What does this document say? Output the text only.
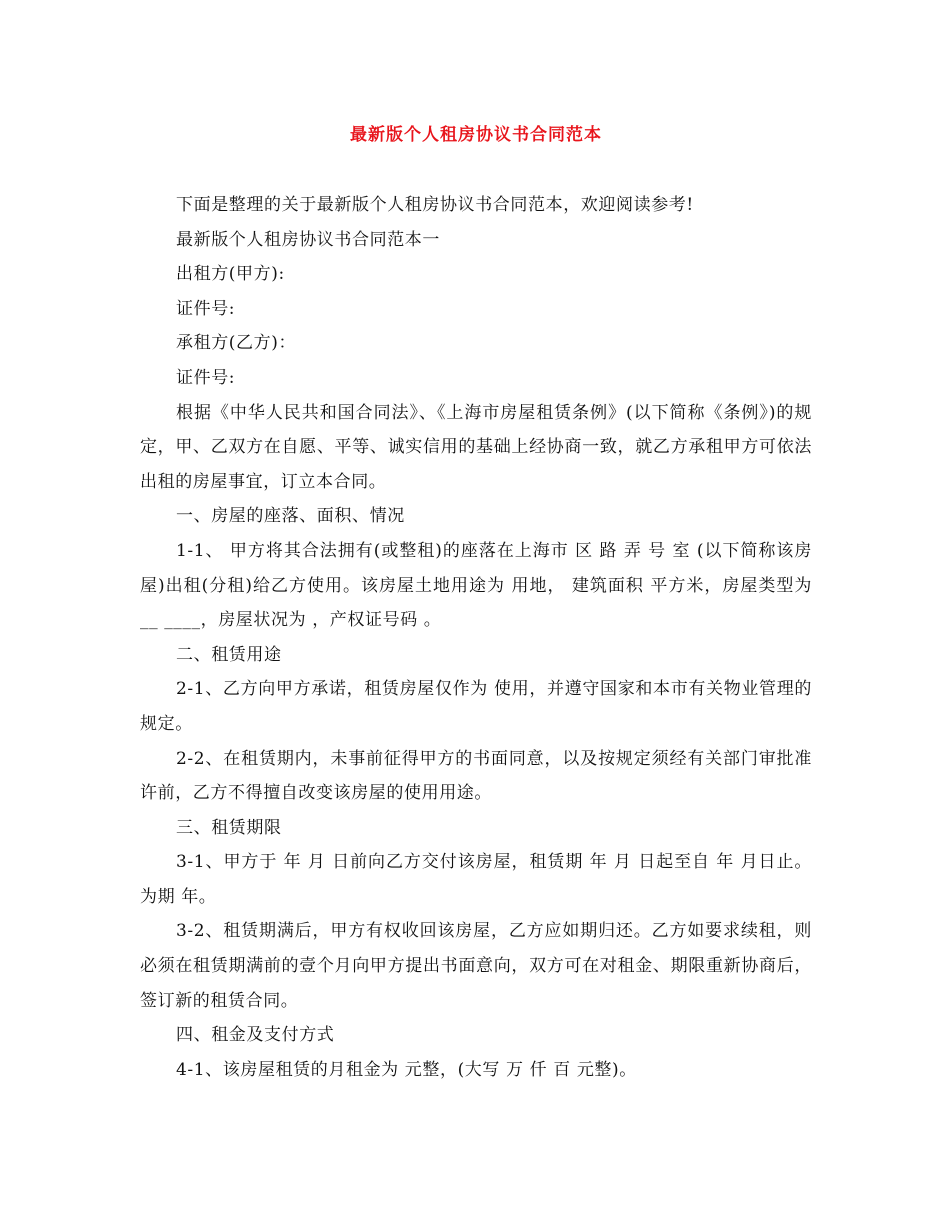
最新版个人租房协议书合同范本

下面是整理的关于最新版个人租房协议书合同范本，欢迎阅读参考!

最新版个人租房协议书合同范本一

出租方(甲方):

证件号:

承租方(乙方)：

证件号:

根据《中华人民共和国合同法》、《上海市房屋租赁条例》(以下简称《条例》)的规定，甲、乙双方在自愿、平等、诚实信用的基础上经协商一致，就乙方承租甲方可依法出租的房屋事宜，订立本合同。

一、房屋的座落、面积、情况

1-1、 甲方将其合法拥有(或整租)的座落在上海市 区 路 弄 号 室 (以下简称该房屋)出租(分租)给乙方使用。该房屋土地用途为 用地， 建筑面积 平方米，房屋类型为__ ____，房屋状况为 ，产权证号码 。

二、租赁用途

2-1、乙方向甲方承诺，租赁房屋仅作为 使用，并遵守国家和本市有关物业管理的规定。

2-2、在租赁期内，未事前征得甲方的书面同意，以及按规定须经有关部门审批准许前，乙方不得擅自改变该房屋的使用用途。

三、租赁期限

3-1、甲方于 年 月 日前向乙方交付该房屋，租赁期 年 月 日起至自 年 月日止。为期 年。

3-2、租赁期满后，甲方有权收回该房屋，乙方应如期归还。乙方如要求续租，则必须在租赁期满前的壹个月向甲方提出书面意向，双方可在对租金、期限重新协商后，签订新的租赁合同。

四、租金及支付方式

4-1、该房屋租赁的月租金为 元整，(大写 万 仟 百 元整)。
